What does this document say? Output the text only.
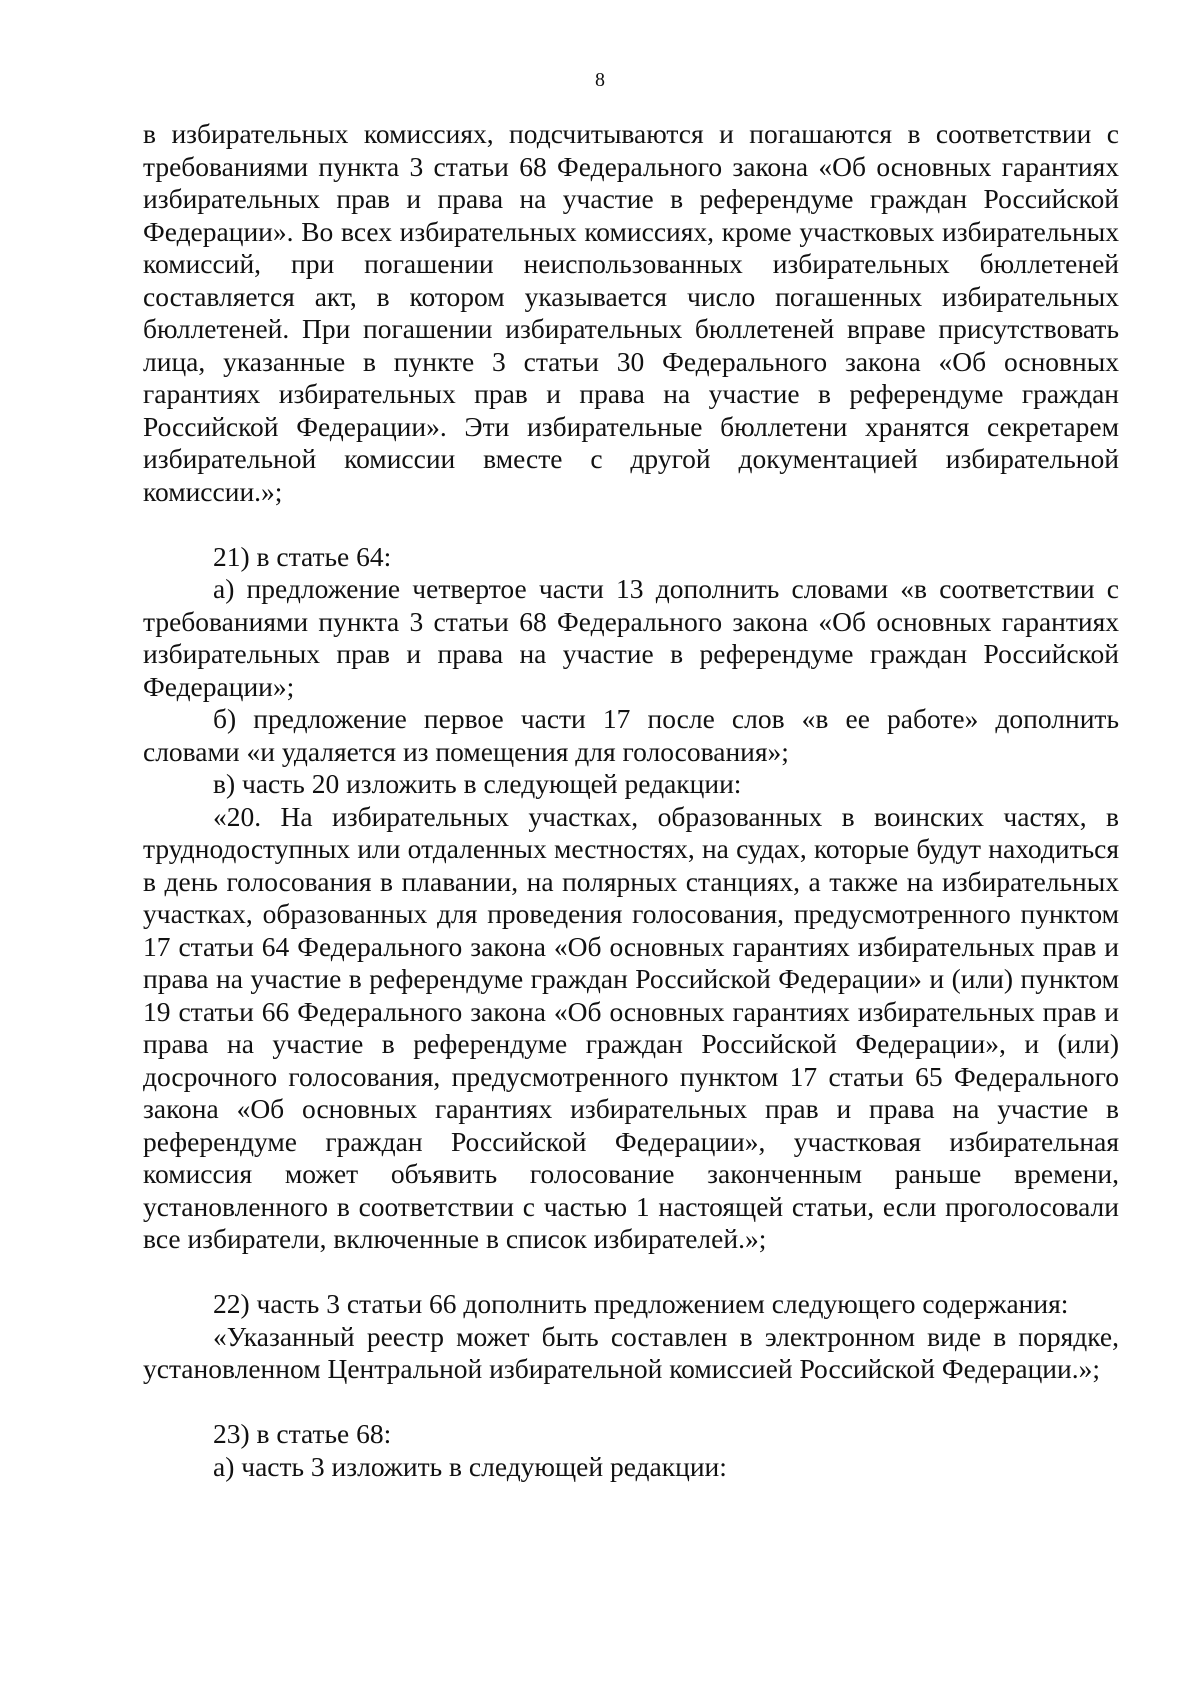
8

в избирательных комиссиях, подсчитываются и погашаются в соответствии с требованиями пункта 3 статьи 68 Федерального закона «Об основных гарантиях избирательных прав и права на участие в референдуме граждан Российской Федерации». Во всех избирательных комиссиях, кроме участковых избирательных комиссий, при погашении неиспользованных избирательных бюллетеней составляется акт, в котором указывается число погашенных избирательных бюллетеней. При погашении избирательных бюллетеней вправе присутствовать лица, указанные в пункте 3 статьи 30 Федерального закона «Об основных гарантиях избирательных прав и права на участие в референдуме граждан Российской Федерации». Эти избирательные бюллетени хранятся секретарем избирательной комиссии вместе с другой документацией избирательной комиссии.»;

21) в статье 64:

а) предложение четвертое части 13 дополнить словами «в соответствии с требованиями пункта 3 статьи 68 Федерального закона «Об основных гарантиях избирательных прав и права на участие в референдуме граждан Российской Федерации»;

б) предложение первое части 17 после слов «в ее работе» дополнить словами «и удаляется из помещения для голосования»;

в) часть 20 изложить в следующей редакции:

«20. На избирательных участках, образованных в воинских частях, в труднодоступных или отдаленных местностях, на судах, которые будут находиться в день голосования в плавании, на полярных станциях, а также на избирательных участках, образованных для проведения голосования, предусмотренного пунктом 17 статьи 64 Федерального закона «Об основных гарантиях избирательных прав и права на участие в референдуме граждан Российской Федерации» и (или) пунктом 19 статьи 66 Федерального закона «Об основных гарантиях избирательных прав и права на участие в референдуме граждан Российской Федерации», и (или) досрочного голосования, предусмотренного пунктом 17 статьи 65 Федерального закона «Об основных гарантиях избирательных прав и права на участие в референдуме граждан Российской Федерации», участковая избирательная комиссия может объявить голосование законченным раньше времени, установленного в соответствии с частью 1 настоящей статьи, если проголосовали все избиратели, включенные в список избирателей.»;

22) часть 3 статьи 66 дополнить предложением следующего содержания:

«Указанный реестр может быть составлен в электронном виде в порядке, установленном Центральной избирательной комиссией Российской Федерации.»;

23) в статье 68:

а) часть 3 изложить в следующей редакции:
